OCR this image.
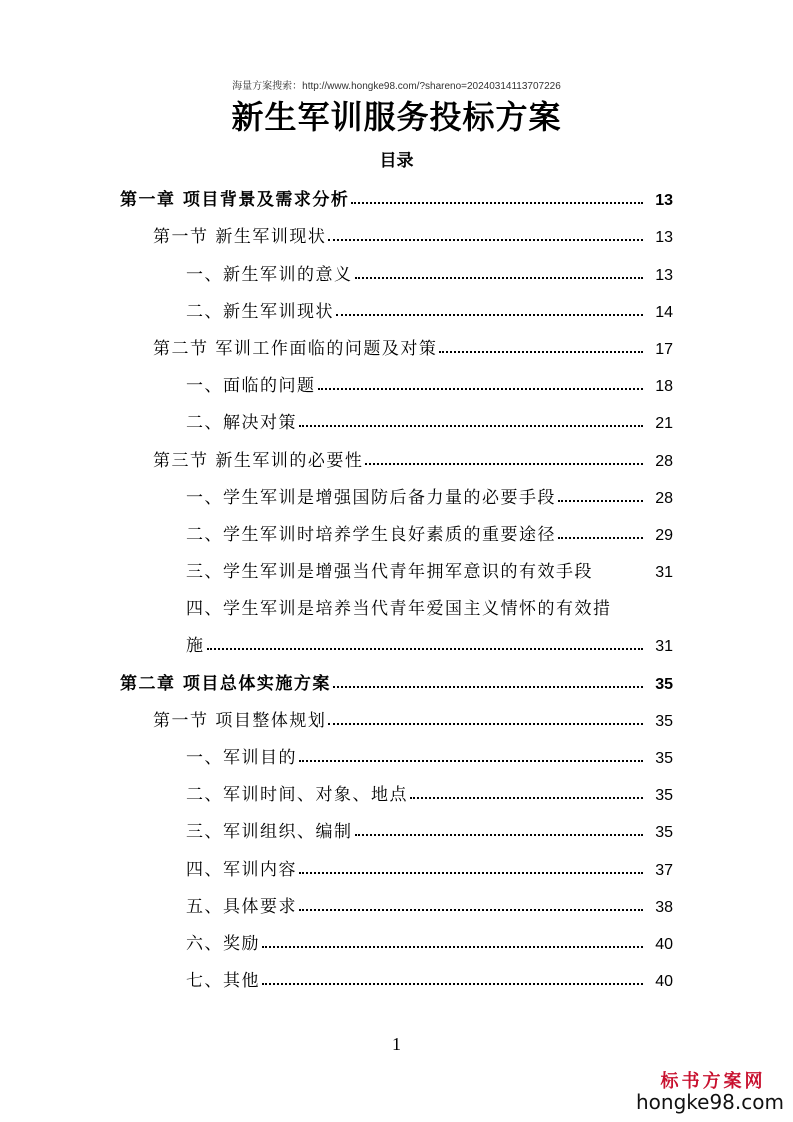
海量方案搜索：http://www.hongke98.com/?shareno=20240314113707226
新生军训服务投标方案
目录
第一章 项目背景及需求分析	13
第一节 新生军训现状	13
一、新生军训的意义	13
二、新生军训现状	14
第二节 军训工作面临的问题及对策	17
一、面临的问题	18
二、解决对策	21
第三节 新生军训的必要性	28
一、学生军训是增强国防后备力量的必要手段	28
二、学生军训时培养学生良好素质的重要途径	29
三、学生军训是增强当代青年拥军意识的有效手段	31
四、学生军训是培养当代青年爱国主义情怀的有效措
施	31
第二章 项目总体实施方案	35
第一节 项目整体规划	35
一、军训目的	35
二、军训时间、对象、地点	35
三、军训组织、编制	35
四、军训内容	37
五、具体要求	38
六、奖励	40
七、其他	40
1
标书方案网
hongke98.com
